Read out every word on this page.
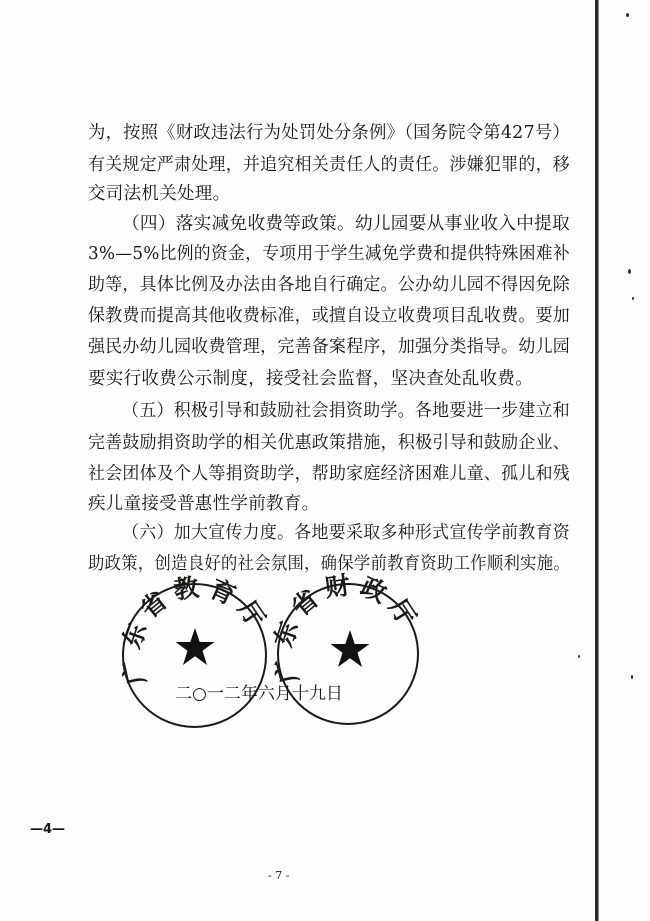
为，按照《财政违法行为处罚处分条例》（国务院令第427号）
有关规定严肃处理，并追究相关责任人的责任。涉嫌犯罪的，移
交司法机关处理。
（四）落实减免收费等政策。幼儿园要从事业收入中提取
3%—5%比例的资金，专项用于学生减免学费和提供特殊困难补
助等，具体比例及办法由各地自行确定。公办幼儿园不得因免除
保教费而提高其他收费标准，或擅自设立收费项目乱收费。要加
强民办幼儿园收费管理，完善备案程序，加强分类指导。幼儿园
要实行收费公示制度，接受社会监督，坚决查处乱收费。
（五）积极引导和鼓励社会捐资助学。各地要进一步建立和
完善鼓励捐资助学的相关优惠政策措施，积极引导和鼓励企业、
社会团体及个人等捐资助学，帮助家庭经济困难儿童、孤儿和残
疾儿童接受普惠性学前教育。
（六）加大宣传力度。各地要采取多种形式宣传学前教育资
助政策，创造良好的社会氛围，确保学前教育资助工作顺利实施。
广东省教育厅
广东省财政厅
二○一二年六月十九日
—4—
- 7 -
